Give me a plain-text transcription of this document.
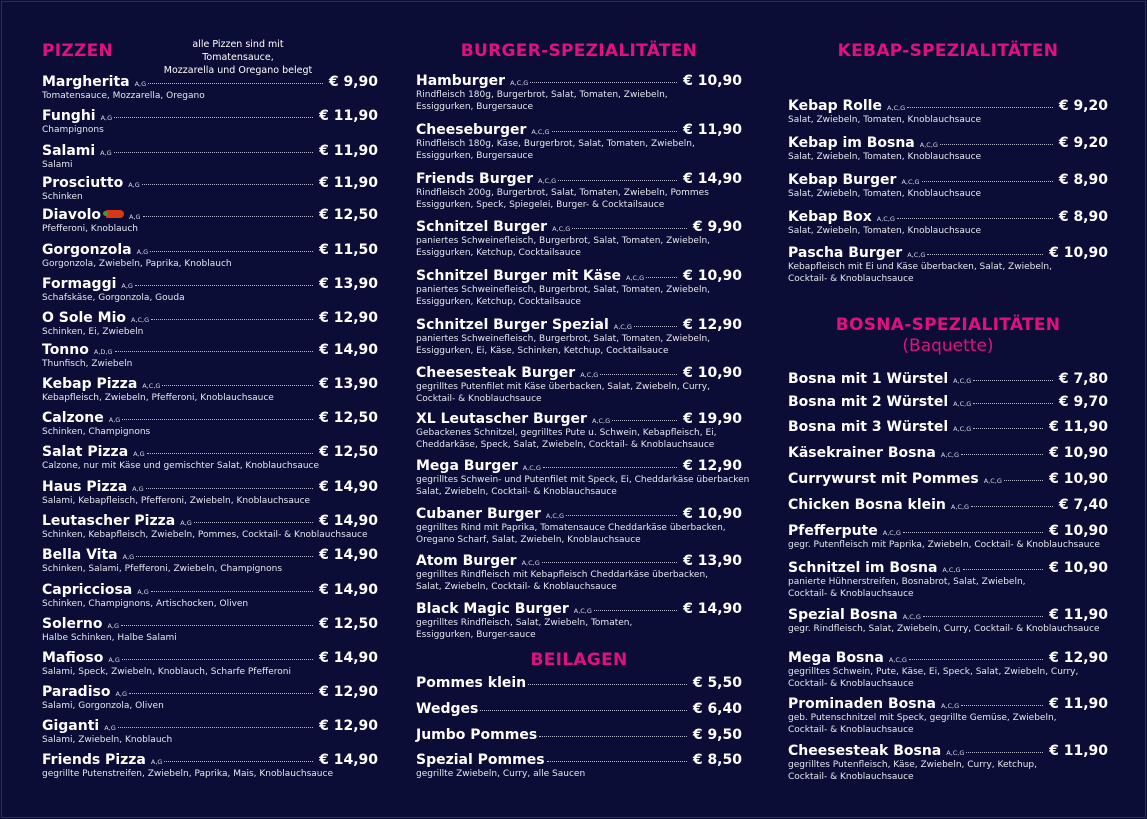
PIZZEN	alle Pizzen sind mit Tomatensauce,
Mozzarella und Oregano belegt
Margherita A,G	€ 9,90
Tomatensauce, Mozzarella, Oregano
Funghi A,G	€ 11,90
Champignons
Salami A,G	€ 11,90
Salami
Prosciutto A,G	€ 11,90
Schinken
Diavolo	A,G	€ 12,50
Pfefferoni, Knoblauch
Gorgonzola A,G	€ 11,50
Gorgonzola, Zwiebeln, Paprika, Knoblauch
Formaggi A,G	€ 13,90
Schafskäse, Gorgonzola, Gouda
O Sole Mio A,C,G	€ 12,90
Schinken, Ei, Zwiebeln
Tonno A,D,G	€ 14,90
Thunfisch, Zwiebeln
Kebap Pizza A,C,G	€ 13,90
Kebapfleisch, Zwiebeln, Pfefferoni, Knoblauchsauce
Calzone A,G	€ 12,50
Schinken, Champignons
Salat Pizza A,G	€ 12,50
Calzone, nur mit Käse und gemischter Salat, Knoblauchsauce
Haus Pizza A,G	€ 14,90
Salami, Kebapfleisch, Pfefferoni, Zwiebeln, Knoblauchsauce
Leutascher Pizza A,G	€ 14,90
Schinken, Kebapfleisch, Zwiebeln, Pommes, Cocktail- & Knoblauchsauce
Bella Vita A,G	€ 14,90
Schinken, Salami, Pfefferoni, Zwiebeln, Champignons
Capricciosa A,G	€ 14,90
Schinken, Champignons, Artischocken, Oliven
Solerno A,G	€ 12,50
Halbe Schinken, Halbe Salami
Mafioso A,G	€ 14,90
Salami, Speck, Zwiebeln, Knoblauch, Scharfe Pfefferoni
Paradiso A,G	€ 12,90
Salami, Gorgonzola, Oliven
Giganti A,G	€ 12,90
Salami, Zwiebeln, Knoblauch
Friends Pizza A,G	€ 14,90
gegrillte Putenstreifen, Zwiebeln, Paprika, Mais, Knoblauchsauce
BURGER-SPEZIALITÄTEN
Hamburger A,C,G	€ 10,90
Rindfleisch 180g, Burgerbrot, Salat, Tomaten, Zwiebeln,
Essiggurken, Burgersauce
Cheeseburger A,C,G	€ 11,90
Rindfleisch 180g, Käse, Burgerbrot, Salat, Tomaten, Zwiebeln,
Essiggurken, Burgersauce
Friends Burger A,C,G	€ 14,90
Rindfleisch 200g, Burgerbrot, Salat, Tomaten, Zwiebeln, Pommes
Essiggurken, Speck, Spiegelei, Burger- & Cocktailsauce
Schnitzel Burger A,C,G	€ 9,90
paniertes Schweinefleisch, Burgerbrot, Salat, Tomaten, Zwiebeln,
Essiggurken, Ketchup, Cocktailsauce
Schnitzel Burger mit Käse A,C,G	€ 10,90
paniertes Schweinefleisch, Burgerbrot, Salat, Tomaten, Zwiebeln,
Essiggurken, Ketchup, Cocktailsauce
Schnitzel Burger Spezial A,C,G	€ 12,90
paniertes Schweinefleisch, Burgerbrot, Salat, Tomaten, Zwiebeln,
Essiggurken, Ei, Käse, Schinken, Ketchup, Cocktailsauce
Cheesesteak Burger A,C,G	€ 10,90
gegrilltes Putenfilet mit Käse überbacken, Salat, Zwiebeln, Curry,
Cocktail- & Knoblauchsauce
XL Leutascher Burger A,C,G	€ 19,90
Gebackenes Schnitzel, gegrilltes Pute u. Schwein, Kebapfleisch, Ei,
Cheddarkäse, Speck, Salat, Zwiebeln, Cocktail- & Knoblauchsauce
Mega Burger A,C,G	€ 12,90
gegrilltes Schwein- und Putenfilet mit Speck, Ei, Cheddarkäse überbacken
Salat, Zwiebeln, Cocktail- & Knoblauchsauce
Cubaner Burger A,C,G	€ 10,90
gegrilltes Rind mit Paprika, Tomatensauce Cheddarkäse überbacken,
Oregano Scharf, Salat, Zwiebeln, Knoblauchsauce
Atom Burger A,C,G	€ 13,90
gegrilltes Rindfleisch mit Kebapfleisch Cheddarkäse überbacken,
Salat, Zwiebeln, Cocktail- & Knoblauchsauce
Black Magic Burger A,C,G	€ 14,90
gegrilltes Rindfleisch, Salat, Zwiebeln, Tomaten,
Essiggurken, Burger-sauce
BEILAGEN
Pommes klein	€ 5,50
Wedges	€ 6,40
Jumbo Pommes	€ 9,50
Spezial Pommes	€ 8,50
gegrillte Zwiebeln, Curry, alle Saucen
KEBAP-SPEZIALITÄTEN
Kebap Rolle A,C,G	€ 9,20
Salat, Zwiebeln, Tomaten, Knoblauchsauce
Kebap im Bosna A,C,G	€ 9,20
Salat, Zwiebeln, Tomaten, Knoblauchsauce
Kebap Burger A,C,G	€ 8,90
Salat, Zwiebeln, Tomaten, Knoblauchsauce
Kebap Box A,C,G	€ 8,90
Salat, Zwiebeln, Tomaten, Knoblauchsauce
Pascha Burger A,C,G	€ 10,90
Kebapfleisch mit Ei und Käse überbacken, Salat, Zwiebeln,
Cocktail- & Knoblauchsauce
BOSNA-SPEZIALITÄTEN
(Baquette)
Bosna mit 1 Würstel A,C,G	€ 7,80
Bosna mit 2 Würstel A,C,G	€ 9,70
Bosna mit 3 Würstel A,C,G	€ 11,90
Käsekrainer Bosna A,C,G	€ 10,90
Currywurst mit Pommes A,C,G	€ 10,90
Chicken Bosna klein A,C,G	€ 7,40
Pfefferpute A,C,G	€ 10,90
gegr. Putenfleisch mit Paprika, Zwiebeln, Cocktail- & Knoblauchsauce
Schnitzel im Bosna A,C,G	€ 10,90
panierte Hühnerstreifen, Bosnabrot, Salat, Zwiebeln,
Cocktail- & Knoblauchsauce
Spezial Bosna A,C,G	€ 11,90
gegr. Rindfleisch, Salat, Zwiebeln, Curry, Cocktail- & Knoblauchsauce
Mega Bosna A,C,G	€ 12,90
gegrilltes Schwein, Pute, Käse, Ei, Speck, Salat, Zwiebeln, Curry,
Cocktail- & Knoblauchsauce
Prominaden Bosna A,C,G	€ 11,90
geb. Putenschnitzel mit Speck, gegrillte Gemüse, Zwiebeln,
Cocktail- & Knoblauchsauce
Cheesesteak Bosna A,C,G	€ 11,90
gegrilltes Putenfleisch, Käse, Zwiebeln, Curry, Ketchup,
Cocktail- & Knoblauchsauce
